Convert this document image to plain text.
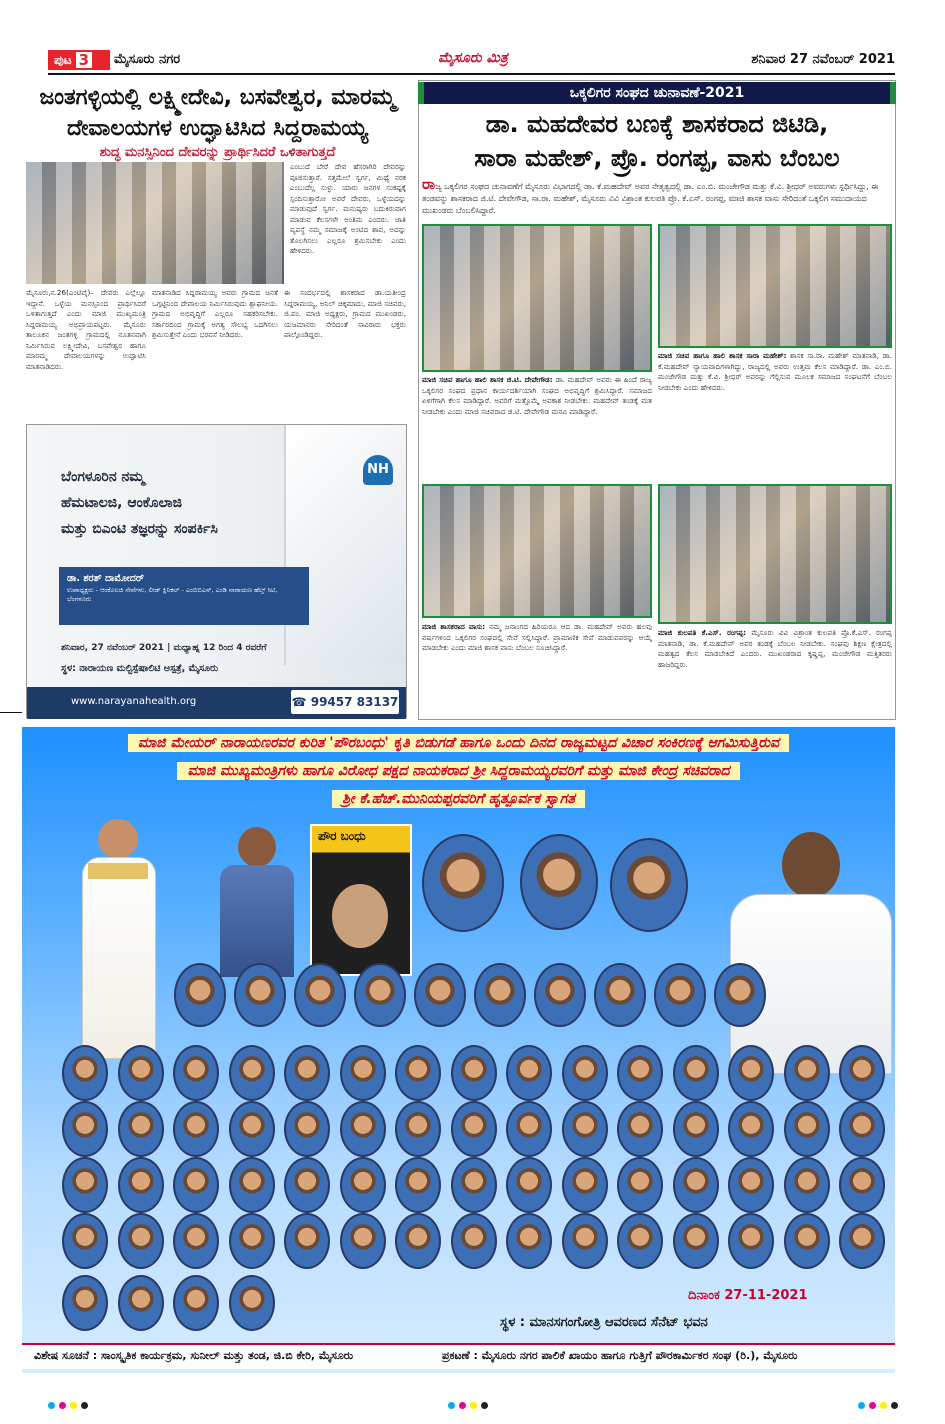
ಪುಟ 3 ಮೈಸೂರು ನಗರ	ಮೈಸೂರು ಮಿತ್ರ	ಶನಿವಾರ 27 ನವೆಂಬರ್ 2021
ಜಂತಗಳ್ಳಿಯಲ್ಲಿ ಲಕ್ಷ್ಮೀದೇವಿ, ಬಸವೇಶ್ವರ, ಮಾರಮ್ಮ
ದೇವಾಲಯಗಳ ಉದ್ಘಾಟಿಸಿದ ಸಿದ್ದರಾಮಯ್ಯ
ಶುದ್ಧ ಮನಸ್ಸಿನಿಂದ ದೇವರನ್ನು ಪ್ರಾರ್ಥಿಸಿದರೆ ಒಳಿತಾಗುತ್ತದೆ
ಎಂಬುದೆ ಬೇರೆ ದೇವ ಹೆಸರಾಗಿರಿ ದೇವರನ್ನು ಪೂಜಿಸುತ್ತಾರೆ. ಸತ್ತಮೇಲೆ ಸ್ವರ್ಗ, ಮಿಥ್ಯೆ ನರಕ ಎಂಬುದೆಲ್ಲ ಸುಳ್ಳು. ಯಾರು ಜನಗಳ ಸಂಕಷ್ಟಕ್ಕೆ ಸ್ಪಂದಿಸುತ್ತಾರೋ ಅವರೆ ದೇವರು, ಒಳ್ಳೆಯದನ್ನು ಮಾಡುವುದೆ ಸ್ವರ್ಗ. ಮನುಷ್ಯರು ಬದುಕಿರುವಾಗ ಮಾಡುವ ಕೆಲಸಗಳೇ ಅಂತಿಮ ಎಂದರು. ಜಾತಿ ವ್ಯವಸ್ಥೆ ನಮ್ಮ ಸಮಾಜಕ್ಕೆ ಅಂಟಿದ ಶಾಪ, ಅದನ್ನು ತೊಲಗಿಸಲು ಎಲ್ಲರೂ ಶ್ರಮಿಸಬೇಕು ಎಂದು ಹೇಳಿದರು.
ಮೈಸೂರು,ನ.26(ಎಂಟಿವೈ)– ದೇವರು ಎಲ್ಲೆಲ್ಲೂ ಇದ್ದಾನೆ. ಒಳ್ಳೆಯ ಮನಸ್ಸಿನಿಂದ ಪ್ರಾರ್ಥಿಸಿದರೆ ಒಳಿತಾಗುತ್ತದೆ ಎಂದು ಮಾಜಿ ಮುಖ್ಯಮಂತ್ರಿ ಸಿದ್ದರಾಮಯ್ಯ ಅಭಿಪ್ರಾಯಪಟ್ಟರು. ಮೈಸೂರು ತಾಲೂಕಿನ ಜಂತಗಳ್ಳಿ ಗ್ರಾಮದಲ್ಲಿ ನೂತನವಾಗಿ ನಿರ್ಮಿಸಿರುವ ಲಕ್ಷ್ಮೀದೇವಿ, ಬಸವೇಶ್ವರ ಹಾಗೂ ಮಾರಮ್ಮ ದೇವಾಲಯಗಳನ್ನು ಉದ್ಘಾಟಿಸಿ ಮಾತನಾಡಿದರು.
ಮಾತನಾಡಿದ ಸಿದ್ದರಾಮಯ್ಯ ಅವರು ಗ್ರಾಮದ ಜನತೆ ಒಗ್ಗಟ್ಟಿನಿಂದ ದೇವಾಲಯ ನಿರ್ಮಿಸಿರುವುದು ಶ್ಲಾಘನೀಯ. ಗ್ರಾಮದ ಅಭಿವೃದ್ಧಿಗೆ ಎಲ್ಲರೂ ಸಹಕರಿಸಬೇಕು. ಸರ್ಕಾರದಿಂದ ಗ್ರಾಮಕ್ಕೆ ಅಗತ್ಯ ಸೌಲಭ್ಯ ಒದಗಿಸಲು ಶ್ರಮಿಸುತ್ತೇನೆ ಎಂದು ಭರವಸೆ ನೀಡಿದರು.
ಈ ಸಂದರ್ಭದಲ್ಲಿ ಶಾಸಕರಾದ ಡಾ.ಯತೀಂದ್ರ ಸಿದ್ದರಾಮಯ್ಯ, ಅನಿಲ್ ಚಿಕ್ಕಮಾದು, ಮಾಜಿ ಸಚಿವರು, ಜಿ.ಪಂ. ಮಾಜಿ ಅಧ್ಯಕ್ಷರು, ಗ್ರಾಮದ ಮುಖಂಡರು, ಯಜಮಾನರು ಸೇರಿದಂತೆ ಸಾವಿರಾರು ಭಕ್ತರು ಪಾಲ್ಗೊಂಡಿದ್ದರು.
NH
ಬೆಂಗಳೂರಿನ ನಮ್ಮ
ಹೆಮಟಾಲಜಿ, ಆಂಕೊಲಾಜಿ
ಮತ್ತು ಬಿಎಂಟಿ ತಜ್ಞರನ್ನು ಸಂಪರ್ಕಿಸಿ
ಡಾ. ಶರತ್ ದಾಮೋದರ್
ಉಪಾಧ್ಯಕ್ಷರು - ಆಂಕೊಲಜಿ ಸೇವೆಗಳು, ಲೀಡ್ ಕ್ಲಿನಿಕಲ್ - ಎಂಬಿಬಿಎಸ್, ಎಂಡಿ ನಾರಾಯಣ ಹೆಲ್ತ್ ಸಿಟಿ, ಬೆಂಗಳೂರು
ಶನಿವಾರ, 27 ನವೆಂಬರ್ 2021 | ಮಧ್ಯಾಹ್ನ 12 ರಿಂದ 4 ರವರೆಗೆ
ಸ್ಥಳ: ನಾರಾಯಣ ಮಲ್ಟಿಸ್ಪೆಷಾಲಿಟಿ ಆಸ್ಪತ್ರೆ, ಮೈಸೂರು
www.narayanahealth.org	☎ 99457 83137
ಒಕ್ಕಲಿಗರ ಸಂಘದ ಚುನಾವಣೆ-2021
ಡಾ. ಮಹದೇವರ ಬಣಕ್ಕೆ ಶಾಸಕರಾದ ಜಿಟಿಡಿ,
ಸಾರಾ ಮಹೇಶ್, ಪ್ರೊ. ರಂಗಪ್ಪ, ವಾಸು ಬೆಂಬಲ
ರಾಜ್ಯ ಒಕ್ಕಲಿಗರ ಸಂಘದ ಚುನಾವಣೆಗೆ ಮೈಸೂರು ವಿಭಾಗದಲ್ಲಿ ಡಾ. ಕೆ.ಮಹದೇವ್ ಅವರ ನೇತೃತ್ವದಲ್ಲಿ ಡಾ. ಎಂ.ಬಿ. ಮಂಜೇಗೌಡ ಮತ್ತು ಕೆ.ವಿ. ಶ್ರೀಧರ್ ಅವರುಗಳು ಸ್ಪರ್ಧಿಸಿದ್ದು, ಈ ತಂಡವನ್ನು ಶಾಸಕರಾದ ಜಿ.ಟಿ. ದೇವೇಗೌಡ, ಸಾ.ರಾ. ಮಹೇಶ್, ಮೈಸೂರು ವಿವಿ ವಿಶ್ರಾಂತ ಕುಲಪತಿ ಪ್ರೊ. ಕೆ.ಎಸ್. ರಂಗಪ್ಪ, ಮಾಜಿ ಶಾಸಕ ವಾಸು ಸೇರಿದಂತೆ ಒಕ್ಕಲಿಗ ಸಮುದಾಯದ ಮುಖಂಡರು ಬೆಂಬಲಿಸಿದ್ದಾರೆ.
ಮಾಜಿ ಸಚಿವ ಹಾಗೂ ಹಾಲಿ ಶಾಸಕ ಜಿ.ಟಿ. ದೇವೇಗೌಡ: ಡಾ. ಮಹದೇವ್ ಅವರು ಈ ಹಿಂದೆ ರಾಜ್ಯ ಒಕ್ಕಲಿಗರ ಸಂಘದ ಪ್ರಧಾನ ಕಾರ್ಯದರ್ಶಿಯಾಗಿ ಸಂಘದ ಅಭಿವೃದ್ಧಿಗೆ ಶ್ರಮಿಸಿದ್ದಾರೆ. ಸಮಾಜದ ಏಳಿಗೆಗಾಗಿ ಕೆಲಸ ಮಾಡಿದ್ದಾರೆ. ಅವರಿಗೆ ಮತ್ತೊಮ್ಮೆ ಅವಕಾಶ ನೀಡಬೇಕು. ಮಹದೇವ್ ತಂಡಕ್ಕೆ ಮತ ನೀಡಬೇಕು ಎಂದು ಮಾಜಿ ಸಚಿವರಾದ ಜಿ.ಟಿ. ದೇವೇಗೌಡ ಮನವಿ ಮಾಡಿದ್ದಾರೆ.
ಮಾಜಿ ಸಚಿವ ಹಾಗೂ ಹಾಲಿ ಶಾಸಕ ಸಾರಾ ಮಹೇಶ್: ಶಾಸಕ ಸಾ.ರಾ. ಮಹೇಶ್ ಮಾತನಾಡಿ, ಡಾ. ಕೆ.ಮಹದೇವ್ ನ್ಯಾಯವಾದಿಗಳಾಗಿದ್ದು, ರಾಜ್ಯದಲ್ಲಿ ಅವರು ಉತ್ತಮ ಕೆಲಸ ಮಾಡಿದ್ದಾರೆ. ಡಾ. ಎಂ.ಬಿ. ಮಂಜೇಗೌಡ ಮತ್ತು ಕೆ.ವಿ. ಶ್ರೀಧರ್ ಅವರನ್ನು ಗೆಲ್ಲಿಸುವ ಮೂಲಕ ಸಮಾಜದ ಸಂಘಟನೆಗೆ ಬೆಂಬಲ ನೀಡಬೇಕು ಎಂದು ಹೇಳಿದರು.
ಮಾಜಿ ಶಾಸಕರಾದ ವಾಸು: ನಮ್ಮ ಜನಾಂಗದ ಹಿರಿಯರೂ ಆದ ಡಾ. ಮಹದೇವ್ ಅವರು ಹಲವು ವರ್ಷಗಳಿಂದ ಒಕ್ಕಲಿಗರ ಸಂಘದಲ್ಲಿ ಸೇವೆ ಸಲ್ಲಿಸಿದ್ದಾರೆ. ಪ್ರಾಮಾಣಿಕ ಸೇವೆ ಮಾಡುವವರನ್ನು ಆಯ್ಕೆ ಮಾಡಬೇಕು ಎಂದು ಮಾಜಿ ಶಾಸಕ ವಾಸು ಬೆಂಬಲ ಸೂಚಿಸಿದ್ದಾರೆ.
ಮಾಜಿ ಕುಲಪತಿ ಕೆ.ಎಸ್. ರಂಗಪ್ಪ: ಮೈಸೂರು ವಿವಿ ವಿಶ್ರಾಂತ ಕುಲಪತಿ ಪ್ರೊ.ಕೆ.ಎಸ್. ರಂಗಪ್ಪ ಮಾತನಾಡಿ, ಡಾ. ಕೆ.ಮಹದೇವ್ ಅವರ ತಂಡಕ್ಕೆ ಬೆಂಬಲ ನೀಡಬೇಕು. ಸಂಘವು ಶಿಕ್ಷಣ ಕ್ಷೇತ್ರದಲ್ಲಿ ಮಹತ್ವದ ಕೆಲಸ ಮಾಡಬೇಕಿದೆ ಎಂದರು. ಮುಖಂಡರಾದ ಕೃಷ್ಣಪ್ಪ, ಮಂಜೇಗೌಡ ಮತ್ತಿತರರು ಹಾಜರಿದ್ದರು.
ಮಾಜಿ ಮೇಯರ್ ನಾರಾಯಣರವರ ಕುರಿತ 'ಪೌರಬಂಧು' ಕೃತಿ ಬಿಡುಗಡೆ ಹಾಗೂ ಒಂದು ದಿನದ ರಾಜ್ಯಮಟ್ಟದ ವಿಚಾರ ಸಂಕಿರಣಕ್ಕೆ ಆಗಮಿಸುತ್ತಿರುವ
ಮಾಜಿ ಮುಖ್ಯಮಂತ್ರಿಗಳು ಹಾಗೂ ವಿರೋಧ ಪಕ್ಷದ ನಾಯಕರಾದ ಶ್ರೀ ಸಿದ್ದರಾಮಯ್ಯರವರಿಗೆ ಮತ್ತು ಮಾಜಿ ಕೇಂದ್ರ ಸಚಿವರಾದ
ಶ್ರೀ ಕೆ.ಹೆಚ್.ಮುನಿಯಪ್ಪರವರಿಗೆ ಹೃತ್ಪೂರ್ವಕ ಸ್ವಾಗತ
ಪೌರ ಬಂಧು
ದಿನಾಂಕ 27-11-2021
ಸ್ಥಳ : ಮಾನಸಗಂಗೋತ್ರಿ ಆವರಣದ ಸೆನೆಟ್ ಭವನ
ವಿಶೇಷ ಸೂಚನೆ : ಸಾಂಸ್ಕೃತಿಕ ಕಾರ್ಯಕ್ರಮ, ಸುನೀಲ್ ಮತ್ತು ತಂಡ, ಜಿ.ಬಿ ಕೇರಿ, ಮೈಸೂರು	ಪ್ರಕಟಣೆ : ಮೈಸೂರು ನಗರ ಪಾಲಿಕೆ ಖಾಯಂ ಹಾಗೂ ಗುತ್ತಿಗೆ ಪೌರಕಾರ್ಮಿಕರ ಸಂಘ (ರಿ.), ಮೈಸೂರು
